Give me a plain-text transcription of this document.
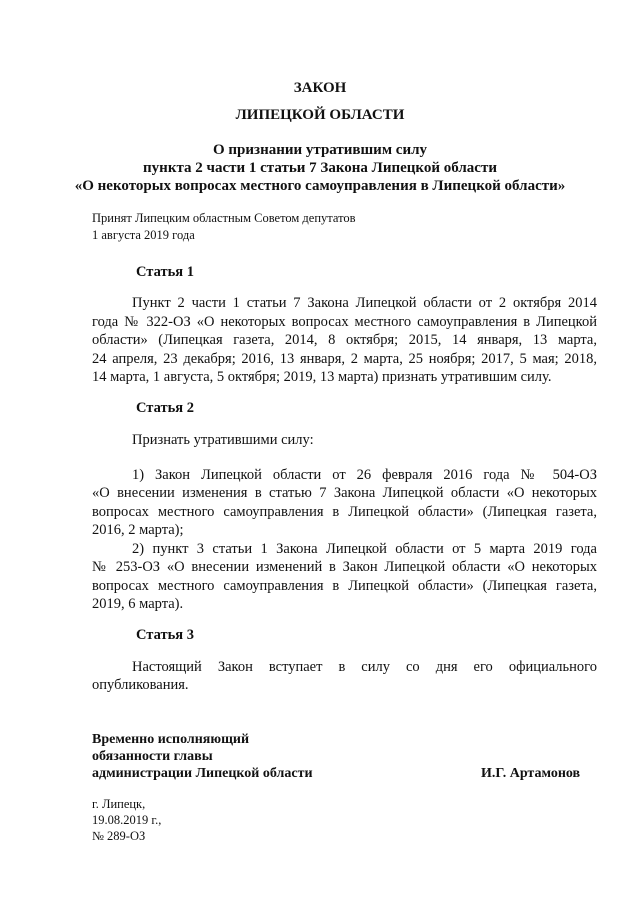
ЗАКОН
ЛИПЕЦКОЙ ОБЛАСТИ
О признании утратившим силу
пункта 2 части 1 статьи 7 Закона Липецкой области
«О некоторых вопросах местного самоуправления в Липецкой области»
Принят Липецким областным Советом депутатов
1 августа 2019 года
Статья 1
Пункт 2 части 1 статьи 7 Закона Липецкой области от 2 октября 2014
года № 322-ОЗ «О некоторых вопросах местного самоуправления в Липецкой
области» (Липецкая газета, 2014, 8 октября; 2015, 14 января, 13 марта,
24 апреля, 23 декабря; 2016, 13 января, 2 марта, 25 ноября; 2017, 5 мая; 2018,
14 марта, 1 августа, 5 октября; 2019, 13 марта) признать утратившим силу.
Статья 2
Признать утратившими силу:
1) Закон Липецкой области от 26 февраля 2016 года № 504-ОЗ
«О внесении изменения в статью 7 Закона Липецкой области «О некоторых
вопросах местного самоуправления в Липецкой области» (Липецкая газета,
2016, 2 марта);
2) пункт 3 статьи 1 Закона Липецкой области от 5 марта 2019 года
№ 253-ОЗ «О внесении изменений в Закон Липецкой области «О некоторых
вопросах местного самоуправления в Липецкой области» (Липецкая газета,
2019, 6 марта).
Статья 3
Настоящий Закон вступает в силу со дня его официального
опубликования.
Временно исполняющий
обязанности главы
администрации Липецкой области	И.Г. Артамонов
г. Липецк,
19.08.2019 г.,
№ 289-ОЗ
